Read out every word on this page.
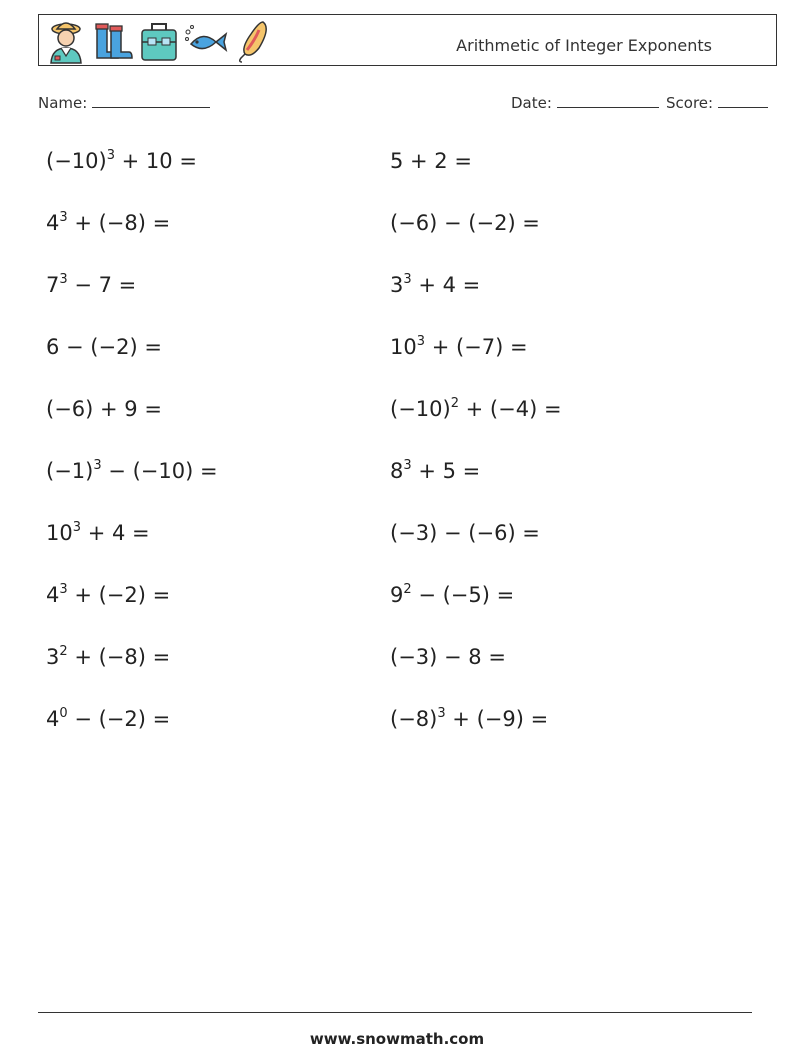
Arithmetic of Integer Exponents
Name:	Date:	Score:
$(-10)^3 + 10$ =
$4^3 + (-8)$ =
$7^3 - 7$ =
6 − (−2) =
(−6) + 9 =
$(-1)^3 - (-10)$ =
$10^3 + 4$ =
$4^3 + (-2)$ =
$3^2 + (-8)$ =
$4^0 - (-2)$ =
5 + 2 =
(−6) − (−2) =
$3^3 + 4$ =
$10^3 + (-7)$ =
$(-10)^2 + (-4)$ =
$8^3 + 5$ =
(−3) − (−6) =
$9^2 - (-5)$ =
(−3) − 8 =
$(-8)^3 + (-9)$ =
www.snowmath.com
